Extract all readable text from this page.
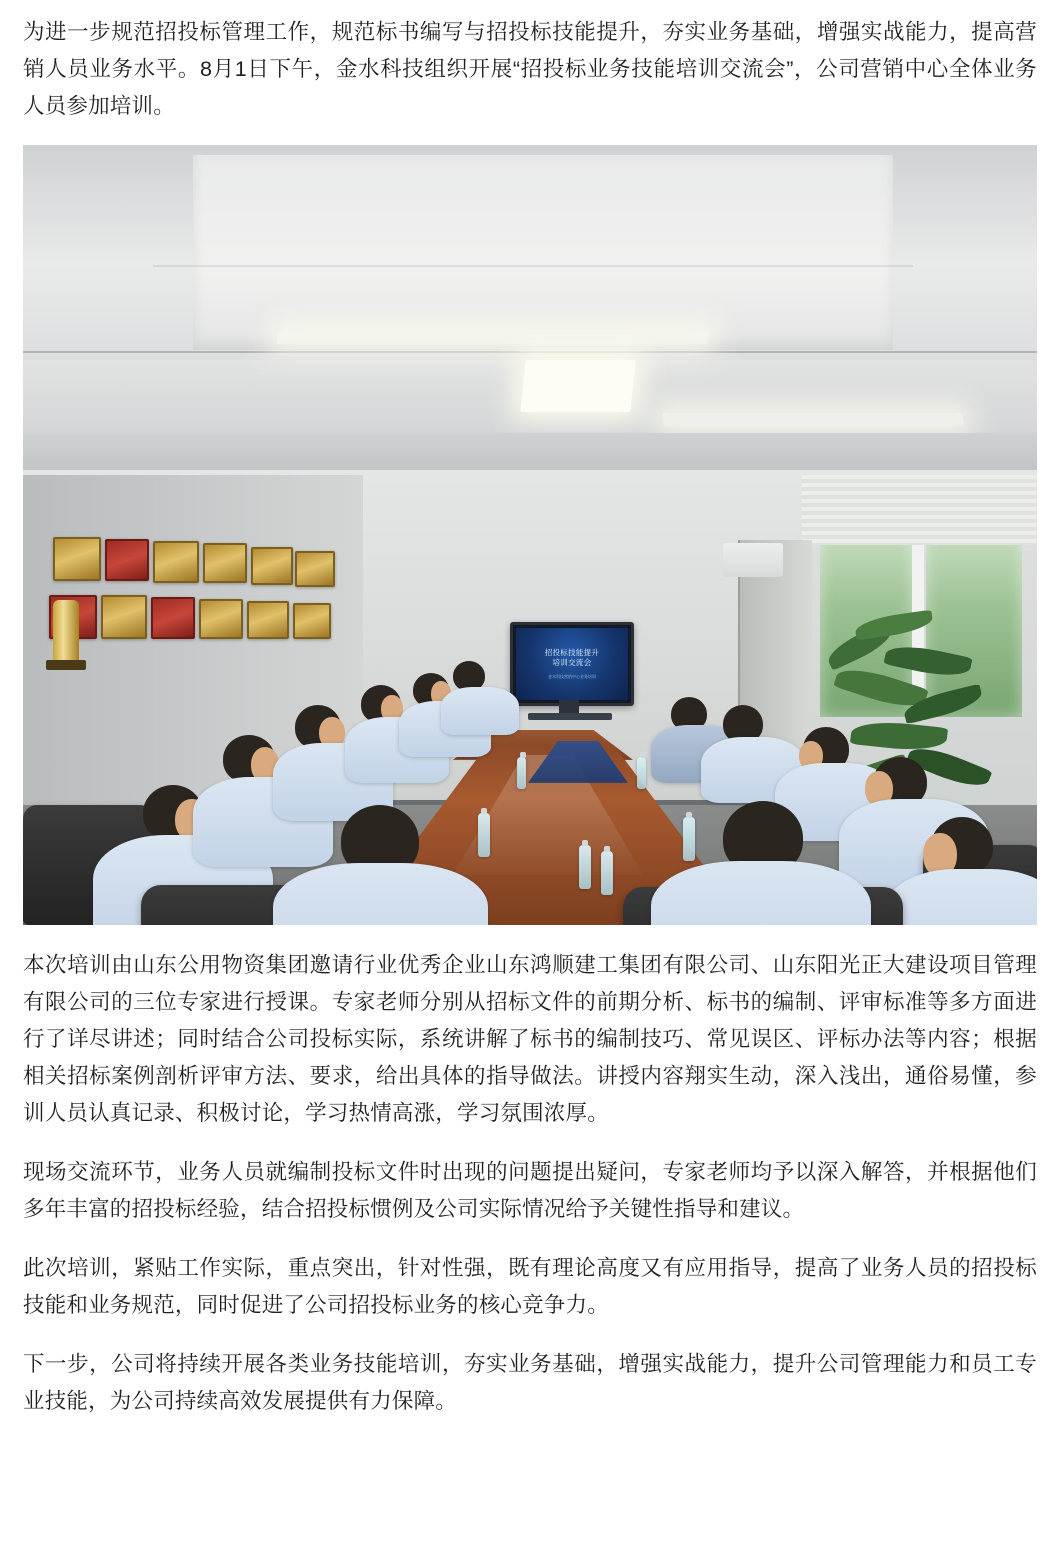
为进一步规范招投标管理工作，规范标书编写与招投标技能提升，夯实业务基础，增强实战能力，提高营销人员业务水平。8月1日下午，金水科技组织开展“招投标业务技能培训交流会”，公司营销中心全体业务人员参加培训。

招投标技能提升
培训交流会
金水科技营销中心业务培训

本次培训由山东公用物资集团邀请行业优秀企业山东鸿顺建工集团有限公司、山东阳光正大建设项目管理有限公司的三位专家进行授课。专家老师分别从招标文件的前期分析、标书的编制、评审标准等多方面进行了详尽讲述；同时结合公司投标实际，系统讲解了标书的编制技巧、常见误区、评标办法等内容；根据相关招标案例剖析评审方法、要求，给出具体的指导做法。讲授内容翔实生动，深入浅出，通俗易懂，参训人员认真记录、积极讨论，学习热情高涨，学习氛围浓厚。

现场交流环节，业务人员就编制投标文件时出现的问题提出疑问，专家老师均予以深入解答，并根据他们多年丰富的招投标经验，结合招投标惯例及公司实际情况给予关键性指导和建议。

此次培训，紧贴工作实际，重点突出，针对性强，既有理论高度又有应用指导，提高了业务人员的招投标技能和业务规范，同时促进了公司招投标业务的核心竞争力。

下一步，公司将持续开展各类业务技能培训，夯实业务基础，增强实战能力，提升公司管理能力和员工专业技能，为公司持续高效发展提供有力保障。
